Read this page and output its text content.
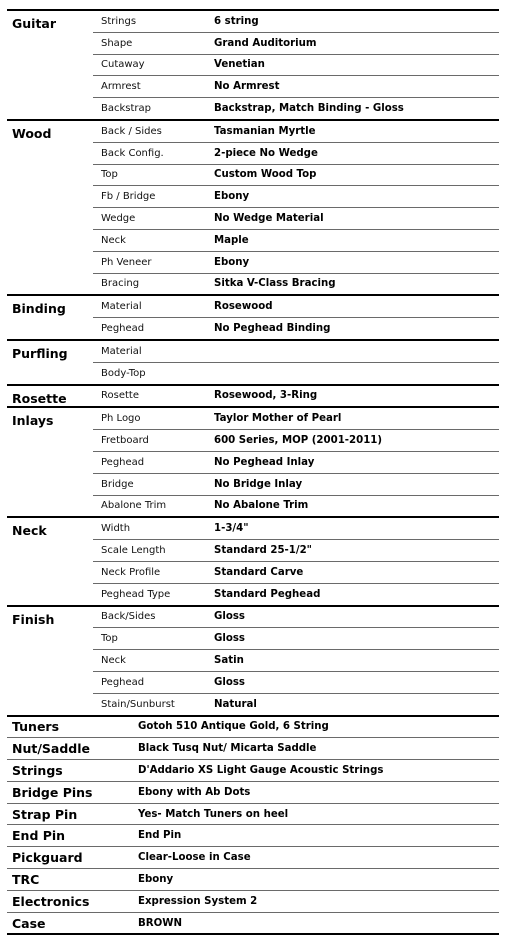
Guitar	Strings	6 string
Shape	Grand Auditorium
Cutaway	Venetian
Armrest	No Armrest
Backstrap	Backstrap, Match Binding - Gloss
Wood	Back / Sides	Tasmanian Myrtle
Back Config.	2-piece No Wedge
Top	Custom Wood Top
Fb / Bridge	Ebony
Wedge	No Wedge Material
Neck	Maple
Ph Veneer	Ebony
Bracing	Sitka V-Class Bracing
Binding	Material	Rosewood
Peghead	No Peghead Binding
Purfling	Material
Body-Top
Rosette	Rosette	Rosewood, 3-Ring
Inlays	Ph Logo	Taylor Mother of Pearl
Fretboard	600 Series, MOP (2001-2011)
Peghead	No Peghead Inlay
Bridge	No Bridge Inlay
Abalone Trim	No Abalone Trim
Neck	Width	1-3/4"
Scale Length	Standard 25-1/2"
Neck Profile	Standard Carve
Peghead Type	Standard Peghead
Finish	Back/Sides	Gloss
Top	Gloss
Neck	Satin
Peghead	Gloss
Stain/Sunburst	Natural
Tuners	Gotoh 510 Antique Gold, 6 String
Nut/Saddle	Black Tusq Nut/ Micarta Saddle
Strings	D'Addario XS Light Gauge Acoustic Strings
Bridge Pins	Ebony with Ab Dots
Strap Pin	Yes- Match Tuners on heel
End Pin	End Pin
Pickguard	Clear-Loose in Case
TRC	Ebony
Electronics	Expression System 2
Case	BROWN
